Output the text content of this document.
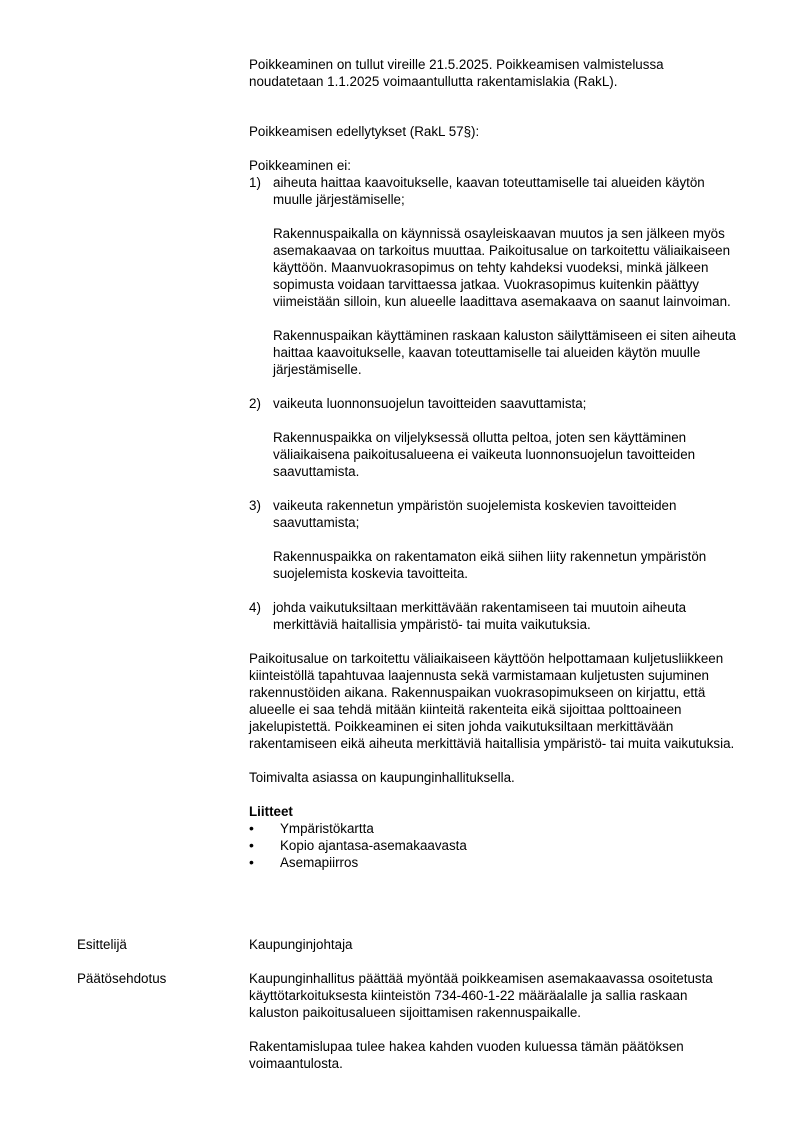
Poikkeaminen on tullut vireille 21.5.2025. Poikkeamisen valmistelussa noudatetaan 1.1.2025 voimaantullutta rakentamislakia (RakL).

Poikkeamisen edellytykset (RakL 57§):

Poikkeaminen ei:

1) aiheuta haittaa kaavoitukselle, kaavan toteuttamiselle tai alueiden käytön muulle järjestämiselle;

Rakennuspaikalla on käynnissä osayleiskaavan muutos ja sen jälkeen myös asemakaavaa on tarkoitus muuttaa. Paikoitusalue on tarkoitettu väliaikaiseen käyttöön. Maanvuokrasopimus on tehty kahdeksi vuodeksi, minkä jälkeen sopimusta voidaan tarvittaessa jatkaa. Vuokrasopimus kuitenkin päättyy viimeistään silloin, kun alueelle laadittava asemakaava on saanut lainvoiman.

Rakennuspaikan käyttäminen raskaan kaluston säilyttämiseen ei siten aiheuta haittaa kaavoitukselle, kaavan toteuttamiselle tai alueiden käytön muulle järjestämiselle.

2) vaikeuta luonnonsuojelun tavoitteiden saavuttamista;

Rakennuspaikka on viljelyksessä ollutta peltoa, joten sen käyttäminen väliaikaisena paikoitusalueena ei vaikeuta luonnonsuojelun tavoitteiden saavuttamista.

3) vaikeuta rakennetun ympäristön suojelemista koskevien tavoitteiden saavuttamista;

Rakennuspaikka on rakentamaton eikä siihen liity rakennetun ympäristön suojelemista koskevia tavoitteita.

4) johda vaikutuksiltaan merkittävään rakentamiseen tai muutoin aiheuta merkittäviä haitallisia ympäristö- tai muita vaikutuksia.

Paikoitusalue on tarkoitettu väliaikaiseen käyttöön helpottamaan kuljetusliikkeen kiinteistöllä tapahtuvaa laajennusta sekä varmistamaan kuljetusten sujuminen rakennustöiden aikana. Rakennuspaikan vuokrasopimukseen on kirjattu, että alueelle ei saa tehdä mitään kiinteitä rakenteita eikä sijoittaa polttoaineen jakelupistettä. Poikkeaminen ei siten johda vaikutuksiltaan merkittävään rakentamiseen eikä aiheuta merkittäviä haitallisia ympäristö- tai muita vaikutuksia.

Toimivalta asiassa on kaupunginhallituksella.

Liitteet

• Ympäristökartta
• Kopio ajantasa-asemakaavasta
• Asemapiirros
Esittelijä	Kaupunginjohtaja
Päätösehdotus	Kaupunginhallitus päättää myöntää poikkeamisen asemakaavassa osoitetusta käyttötarkoituksesta kiinteistön 734-460-1-22 määräalalle ja sallia raskaan kaluston paikoitusalueen sijoittamisen rakennuspaikalle.

Rakentamislupaa tulee hakea kahden vuoden kuluessa tämän päätöksen voimaantulosta.
